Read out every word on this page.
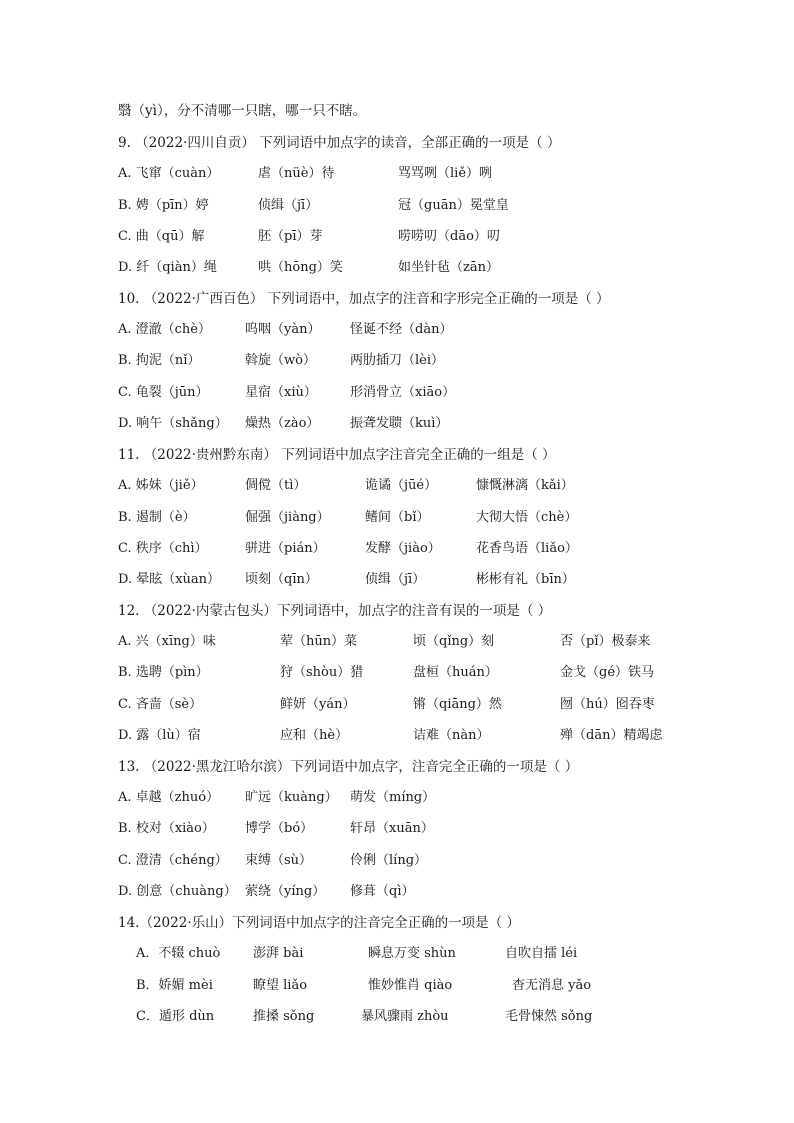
翳（yì），分不清哪一只瞎，哪一只不瞎。
9. （2022·四川自贡） 下列词语中加点字的读音，全部正确的一项是（ ）
A. 飞窜（cuàn）	虐（nüè）待	骂骂咧（liě）咧
B. 娉（pīn）婷	侦缉（jī）	冠（guān）冕堂皇
C. 曲（qū）解	胚（pī）芽	唠唠叨（dāo）叨
D. 纤（qiàn）绳	哄（hōng）笑	如坐针毡（zān）
10. （2022·广西百色） 下列词语中，加点字的注音和字形完全正确的一项是（ ）
A. 澄澈（chè）	呜咽（yàn） 怪诞不经（dàn）
B. 拘泥（nǐ）	斡旋（wò）	两肋插刀（lèi）
C. 龟裂（jūn）	星宿（xiù）	形消骨立（xiāo）
D. 响午（shǎng） 燥热（zào） 振聋发聩（kuì）
11. （2022·贵州黔东南） 下列词语中加点字注音完全正确的一组是（ ）
A. 姊妹（jiě）	倜傥（tì）	诡谲（jūé）	慷慨淋漓（kǎi）
B. 遏制（è）	倔强（jiàng）	鳍间（bǐ）	大彻大悟（chè）
C. 秩序（chì）	骈进（pián）	发酵（jiào）	花香鸟语（liǎo）
D. 晕眩（xùan） 顷刻（qīn）	侦缉（jī）	彬彬有礼（bīn）
12. （2022·内蒙古包头）下列词语中，加点字的注音有误的一项是（ ）
A. 兴（xīng）味	荤（hūn）菜	顷（qǐng）刻	否（pǐ）极泰来
B. 选聘（pìn）	狩（shòu）猎	盘桓（huán）	金戈（gé）铁马
C. 吝啬（sè）	鲜妍（yán）	锵（qiāng）然	囫（hú）囵吞枣
D. 露（lù）宿	应和（hè）	诘难（nàn）	殚（dān）精竭虑
13. （2022·黑龙江哈尔滨）下列词语中加点字，注音完全正确的一项是（ ）
A. 卓越（zhuó） 旷远（kuàng） 萌发（míng）
B. 校对（xiào） 博学（bó）	轩昂（xuān）
C. 澄清（chéng） 束缚（sù）	伶俐（líng）
D. 创意（chuàng） 萦绕（yíng） 修葺（qì）
14.（2022·乐山）下列词语中加点字的注音完全正确的一项是（ ）
A．不辍 chuò	澎湃 bài	瞬息万变 shùn	自吹自擂 léi
B．娇媚 mèi	瞭望 liǎo	惟妙惟肖 qiào	杳无消息 yǎo
C．遁形 dùn	推搡 sǒng	暴风骤雨 zhòu	毛骨悚然 sǒng
